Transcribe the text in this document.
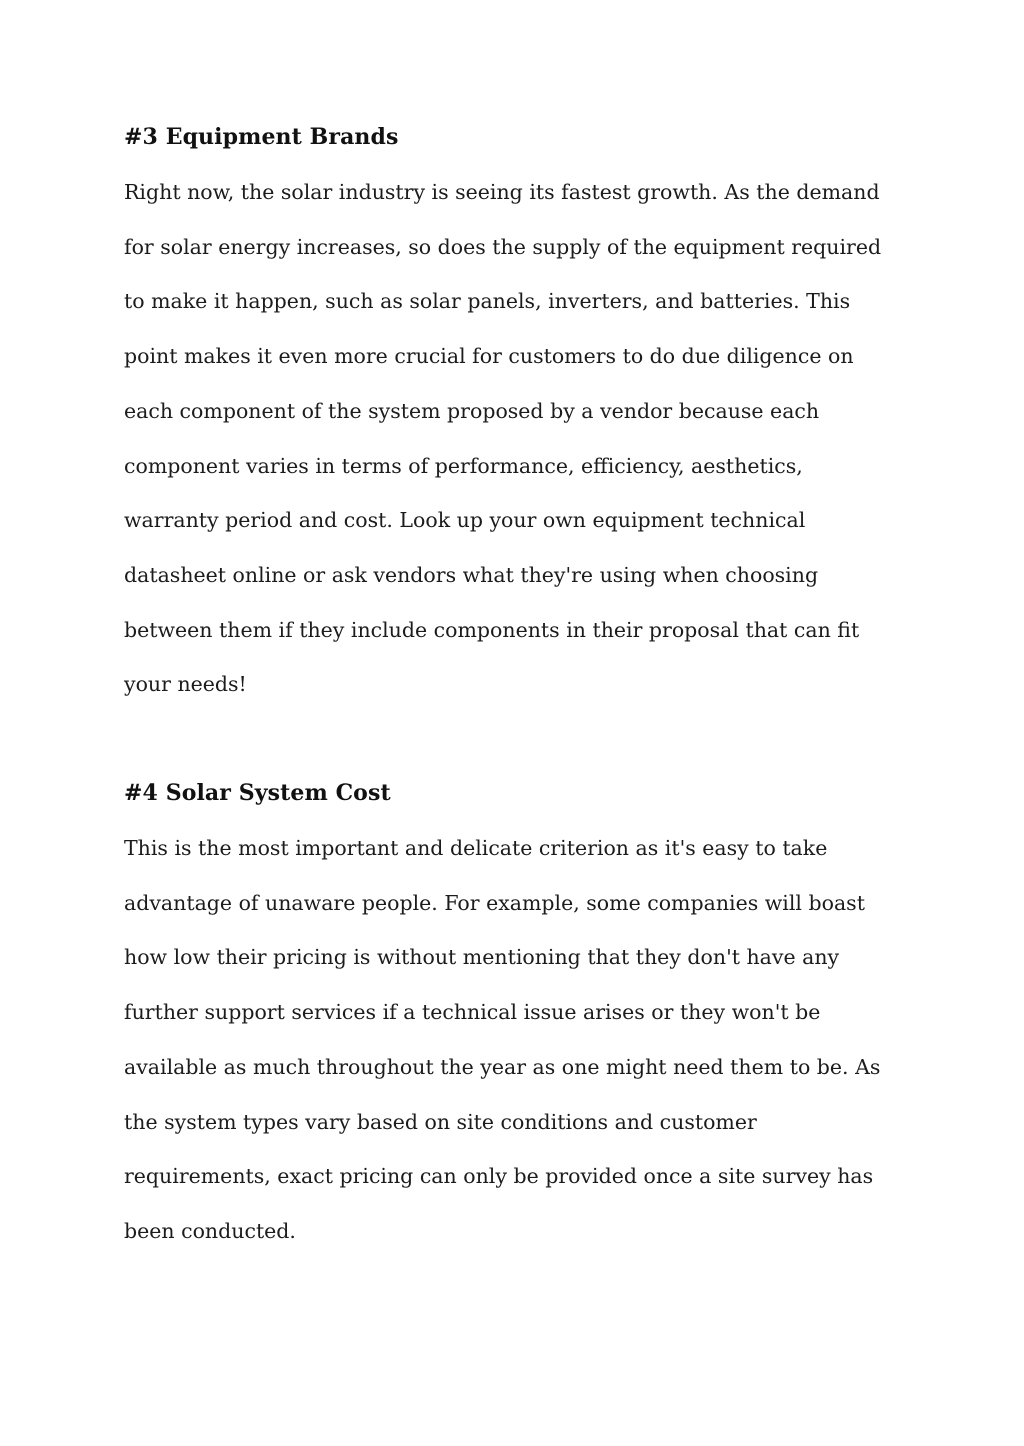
#3 Equipment Brands

Right now, the solar industry is seeing its fastest growth. As the demand
for solar energy increases, so does the supply of the equipment required
to make it happen, such as solar panels, inverters, and batteries. This
point makes it even more crucial for customers to do due diligence on
each component of the system proposed by a vendor because each
component varies in terms of performance, efficiency, aesthetics,
warranty period and cost. Look up your own equipment technical
datasheet online or ask vendors what they're using when choosing
between them if they include components in their proposal that can fit
your needs!

#4 Solar System Cost

This is the most important and delicate criterion as it's easy to take
advantage of unaware people. For example, some companies will boast
how low their pricing is without mentioning that they don't have any
further support services if a technical issue arises or they won't be
available as much throughout the year as one might need them to be. As
the system types vary based on site conditions and customer
requirements, exact pricing can only be provided once a site survey has
been conducted.
